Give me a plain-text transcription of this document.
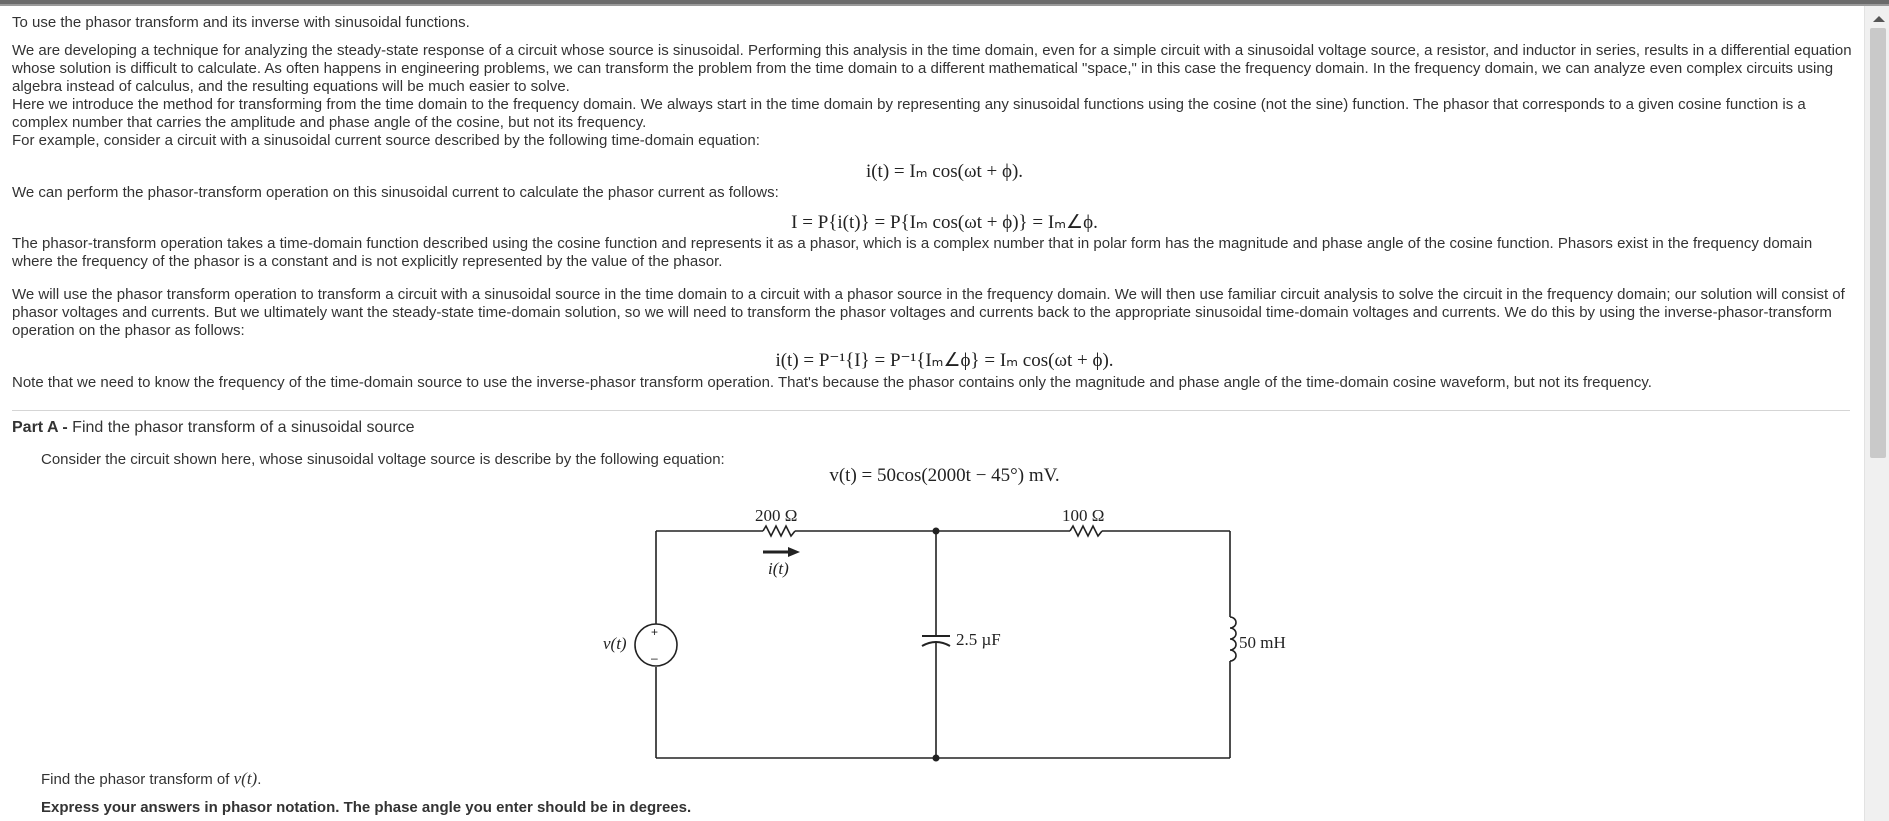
To use the phasor transform and its inverse with sinusoidal functions.

We are developing a technique for analyzing the steady-state response of a circuit whose source is sinusoidal. Performing this analysis in the time domain, even for a simple circuit with a sinusoidal voltage source, a resistor, and inductor in series, results in a differential equation whose solution is difficult to calculate. As often happens in engineering problems, we can transform the problem from the time domain to a different mathematical "space," in this case the frequency domain. In the frequency domain, we can analyze even complex circuits using algebra instead of calculus, and the resulting equations will be much easier to solve.

Here we introduce the method for transforming from the time domain to the frequency domain. We always start in the time domain by representing any sinusoidal functions using the cosine (not the sine) function. The phasor that corresponds to a given cosine function is a complex number that carries the amplitude and phase angle of the cosine, but not its frequency.

For example, consider a circuit with a sinusoidal current source described by the following time-domain equation:

i(t) = Iₘ cos(ωt + ϕ).

We can perform the phasor-transform operation on this sinusoidal current to calculate the phasor current as follows:

I = P{i(t)} = P{Iₘ cos(ωt + ϕ)} = Iₘ∠ϕ.

The phasor-transform operation takes a time-domain function described using the cosine function and represents it as a phasor, which is a complex number that in polar form has the magnitude and phase angle of the cosine function. Phasors exist in the frequency domain where the frequency of the phasor is a constant and is not explicitly represented by the value of the phasor.

We will use the phasor transform operation to transform a circuit with a sinusoidal source in the time domain to a circuit with a phasor source in the frequency domain. We will then use familiar circuit analysis to solve the circuit in the frequency domain; our solution will consist of phasor voltages and currents. But we ultimately want the steady-state time-domain solution, so we will need to transform the phasor voltages and currents back to the appropriate sinusoidal time-domain voltages and currents. We do this by using the inverse-phasor-transform operation on the phasor as follows:

i(t) = P⁻¹{I} = P⁻¹{Iₘ∠ϕ} = Iₘ cos(ωt + ϕ).

Note that we need to know the frequency of the time-domain source to use the inverse-phasor transform operation. That's because the phasor contains only the magnitude and phase angle of the time-domain cosine waveform, but not its frequency.

Part A - Find the phasor transform of a sinusoidal source

Consider the circuit shown here, whose sinusoidal voltage source is describe by the following equation:

v(t) = 50cos(2000t − 45°) mV.
200 Ω	100 Ω
i(t)
v(t)
+
–
2.5 µF	50 mH
Find the phasor transform of v(t).

Express your answers in phasor notation. The phase angle you enter should be in degrees.
